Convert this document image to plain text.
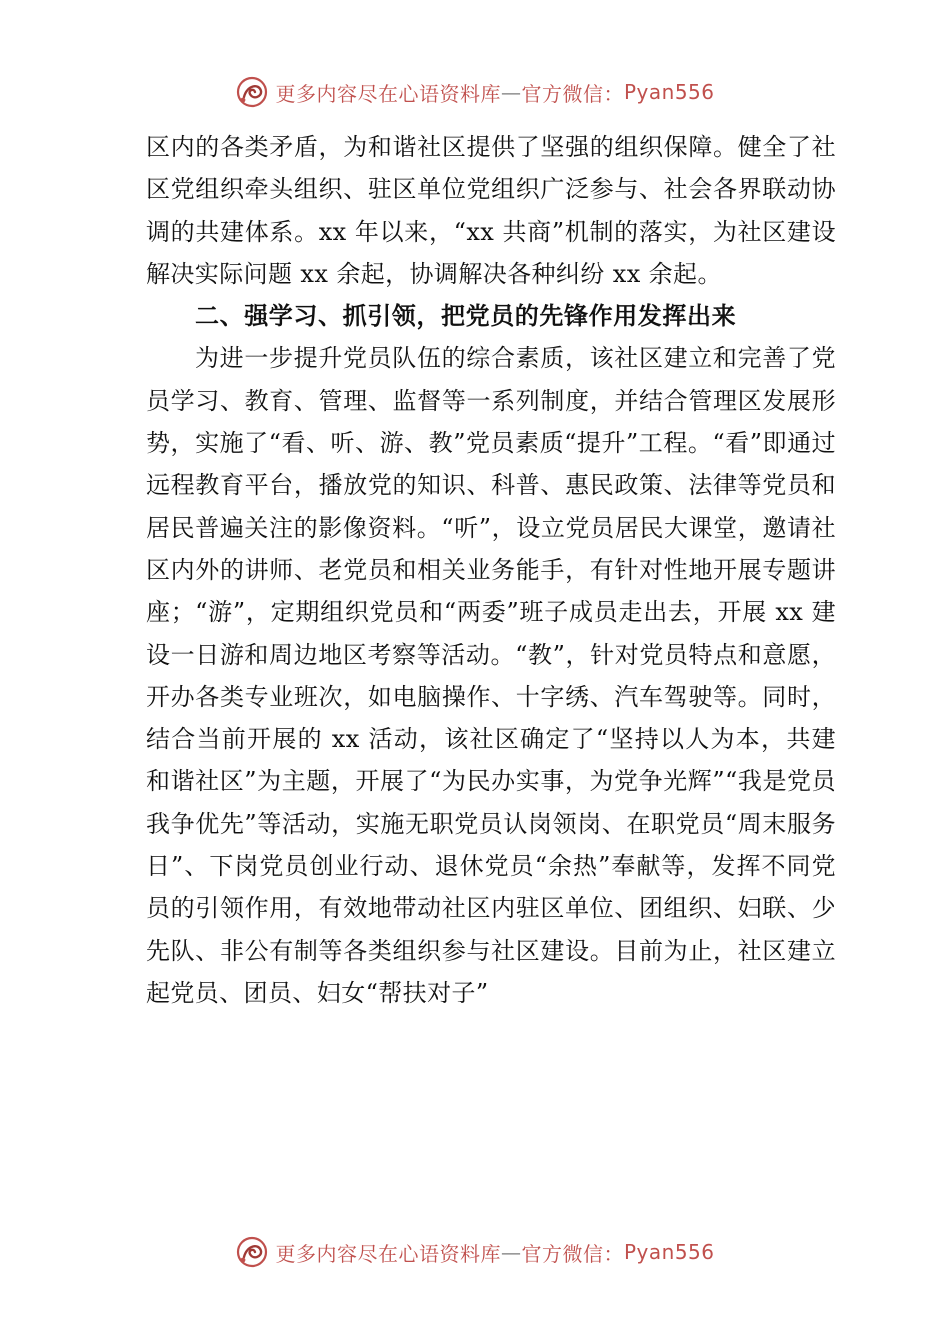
更多内容尽在心语资料库 — 官方微信： Pyan556

区内的各类矛盾，为和谐社区提供了坚强的组织保障。健全了社区党组织牵头组织、驻区单位党组织广泛参与、社会各界联动协调的共建体系。xx 年以来，“xx 共商”机制的落实，为社区建设解决实际问题 xx 余起，协调解决各种纠纷 xx 余起。

二、强学习、抓引领，把党员的先锋作用发挥出来

为进一步提升党员队伍的综合素质，该社区建立和完善了党员学习、教育、管理、监督等一系列制度，并结合管理区发展形势，实施了“看、听、游、教”党员素质“提升”工程。“看”即通过远程教育平台，播放党的知识、科普、惠民政策、法律等党员和居民普遍关注的影像资料。“听”，设立党员居民大课堂，邀请社区内外的讲师、老党员和相关业务能手，有针对性地开展专题讲座；“游”，定期组织党员和“两委”班子成员走出去，开展 xx 建设一日游和周边地区考察等活动。“教”，针对党员特点和意愿，开办各类专业班次，如电脑操作、十字绣、汽车驾驶等。同时，结合当前开展的 xx 活动，该社区确定了“坚持以人为本，共建和谐社区”为主题，开展了“为民办实事，为党争光辉”“我是党员我争优先”等活动，实施无职党员认岗领岗、在职党员“周末服务日”、下岗党员创业行动、退休党员“余热”奉献等，发挥不同党员的引领作用，有效地带动社区内驻区单位、团组织、妇联、少先队、非公有制等各类组织参与社区建设。目前为止，社区建立起党员、团员、妇女“帮扶对子”

更多内容尽在心语资料库 — 官方微信： Pyan556
